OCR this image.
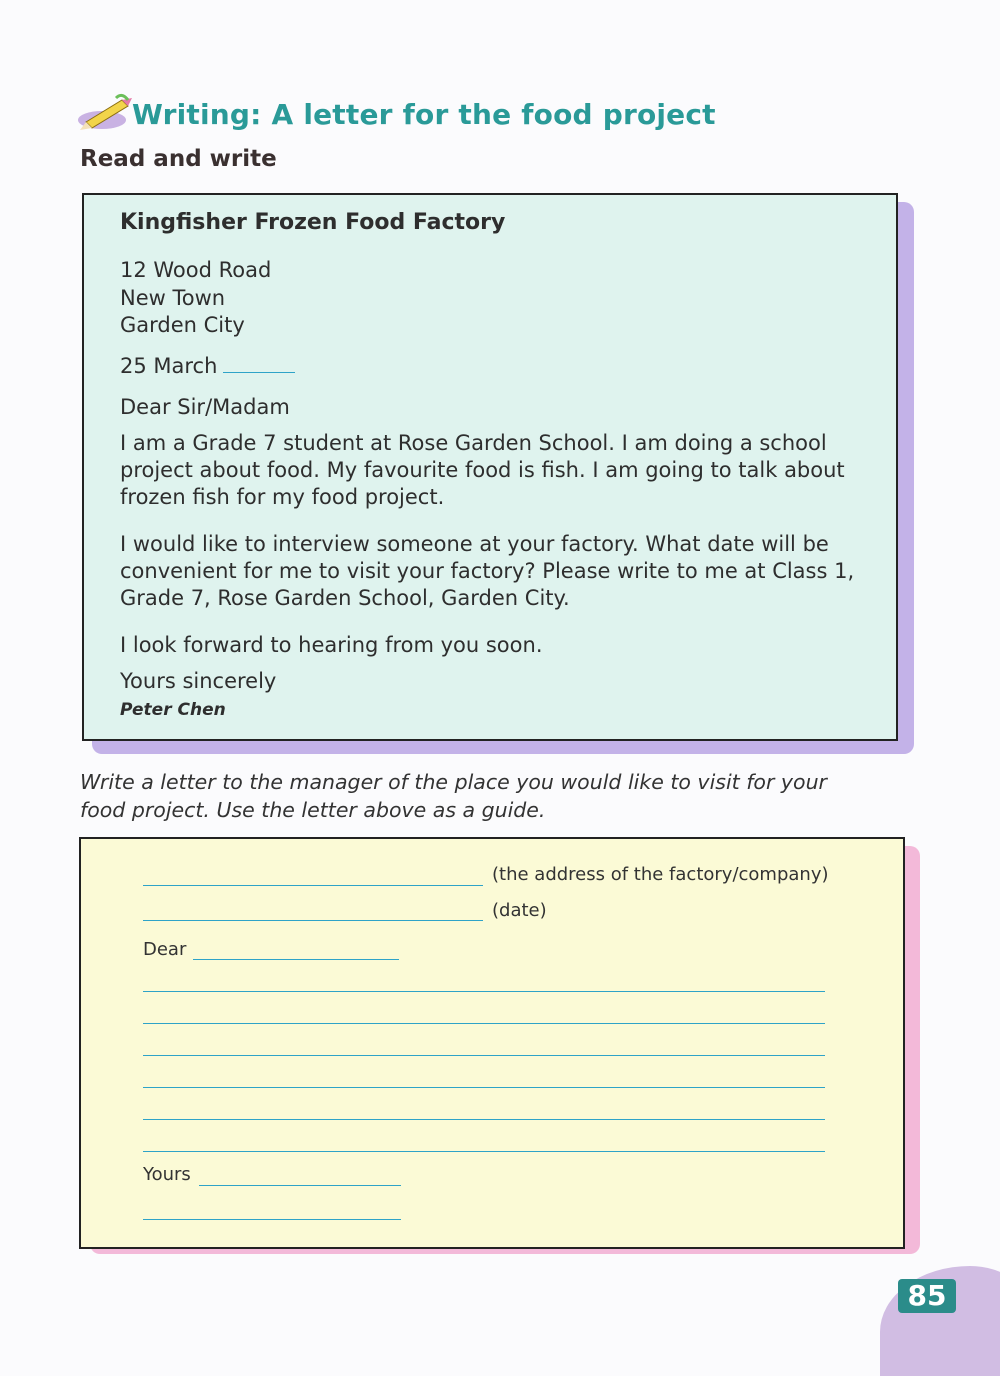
Writing: A letter for the food project
Read and write
Kingfisher Frozen Food Factory
12 Wood Road
New Town
Garden City
25 March
Dear Sir/Madam
I am a Grade 7 student at Rose Garden School. I am doing a school
project about food. My favourite food is fish. I am going to talk about
frozen fish for my food project.
I would like to interview someone at your factory. What date will be
convenient for me to visit your factory? Please write to me at Class 1,
Grade 7, Rose Garden School, Garden City.
I look forward to hearing from you soon.
Yours sincerely
Peter Chen

Write a letter to the manager of the place you would like to visit for your
food project. Use the letter above as a guide.

(the address of the factory/company)
(date)
Dear
Yours
85
